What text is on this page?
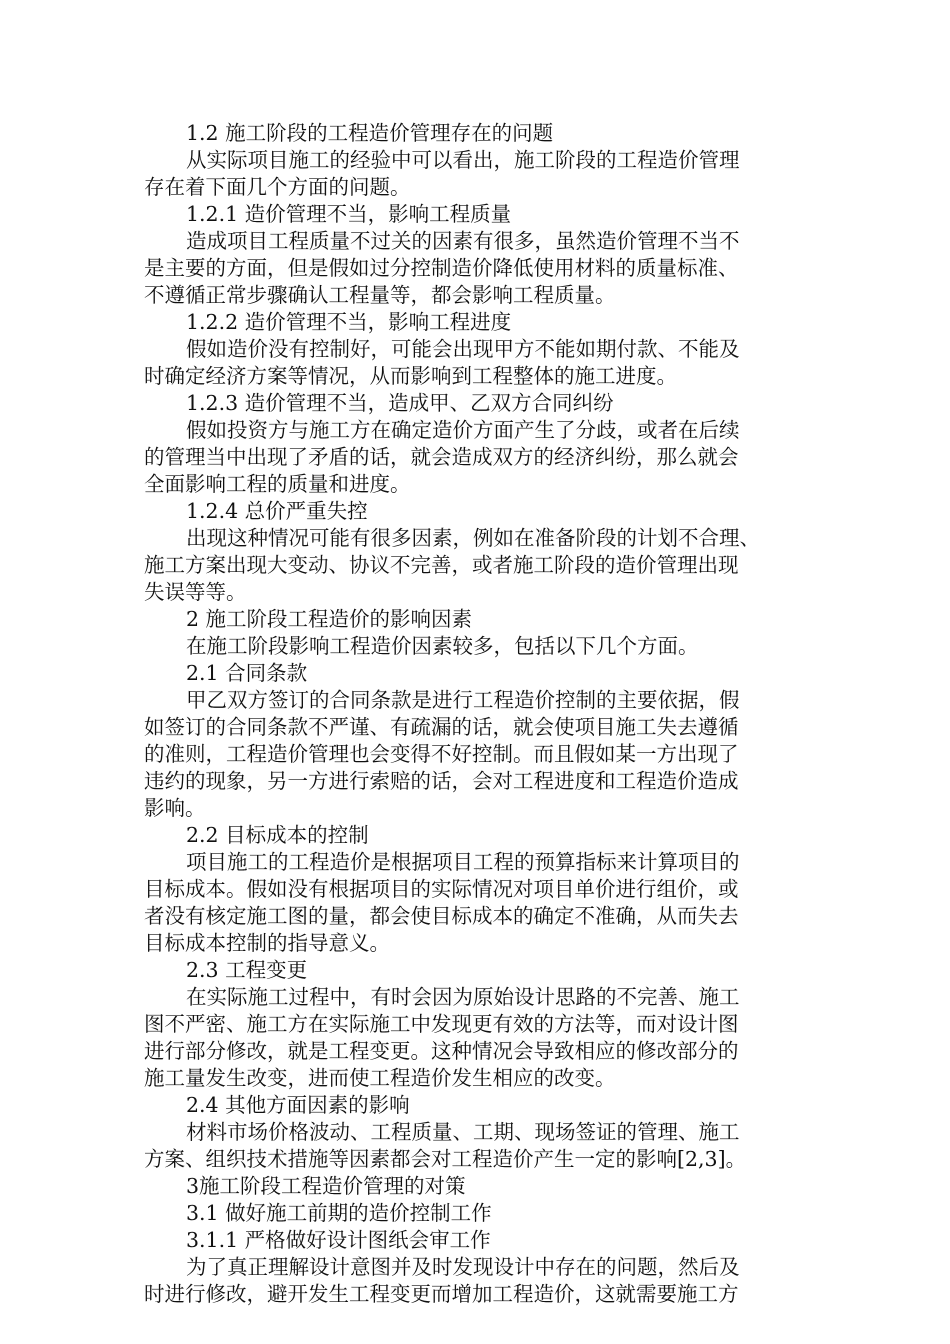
1.2 施工阶段的工程造价管理存在的问题
从实际项目施工的经验中可以看出，施工阶段的工程造价管理
存在着下面几个方面的问题。
1.2.1 造价管理不当，影响工程质量
造成项目工程质量不过关的因素有很多，虽然造价管理不当不
是主要的方面，但是假如过分控制造价降低使用材料的质量标准、
不遵循正常步骤确认工程量等，都会影响工程质量。
1.2.2 造价管理不当，影响工程进度
假如造价没有控制好，可能会出现甲方不能如期付款、不能及
时确定经济方案等情况，从而影响到工程整体的施工进度。
1.2.3 造价管理不当，造成甲、乙双方合同纠纷
假如投资方与施工方在确定造价方面产生了分歧，或者在后续
的管理当中出现了矛盾的话，就会造成双方的经济纠纷，那么就会
全面影响工程的质量和进度。
1.2.4 总价严重失控
出现这种情况可能有很多因素，例如在准备阶段的计划不合理、
施工方案出现大变动、协议不完善，或者施工阶段的造价管理出现
失误等等。
2 施工阶段工程造价的影响因素
在施工阶段影响工程造价因素较多，包括以下几个方面。
2.1 合同条款
甲乙双方签订的合同条款是进行工程造价控制的主要依据，假
如签订的合同条款不严谨、有疏漏的话，就会使项目施工失去遵循
的准则，工程造价管理也会变得不好控制。而且假如某一方出现了
违约的现象，另一方进行索赔的话，会对工程进度和工程造价造成
影响。
2.2 目标成本的控制
项目施工的工程造价是根据项目工程的预算指标来计算项目的
目标成本。假如没有根据项目的实际情况对项目单价进行组价，或
者没有核定施工图的量，都会使目标成本的确定不准确，从而失去
目标成本控制的指导意义。
2.3 工程变更
在实际施工过程中，有时会因为原始设计思路的不完善、施工
图不严密、施工方在实际施工中发现更有效的方法等，而对设计图
进行部分修改，就是工程变更。这种情况会导致相应的修改部分的
施工量发生改变，进而使工程造价发生相应的改变。
2.4 其他方面因素的影响
材料市场价格波动、工程质量、工期、现场签证的管理、施工
方案、组织技术措施等因素都会对工程造价产生一定的影响[2,3]。
3施工阶段工程造价管理的对策
3.1 做好施工前期的造价控制工作
3.1.1 严格做好设计图纸会审工作
为了真正理解设计意图并及时发现设计中存在的问题，然后及
时进行修改，避开发生工程变更而增加工程造价，这就需要施工方
